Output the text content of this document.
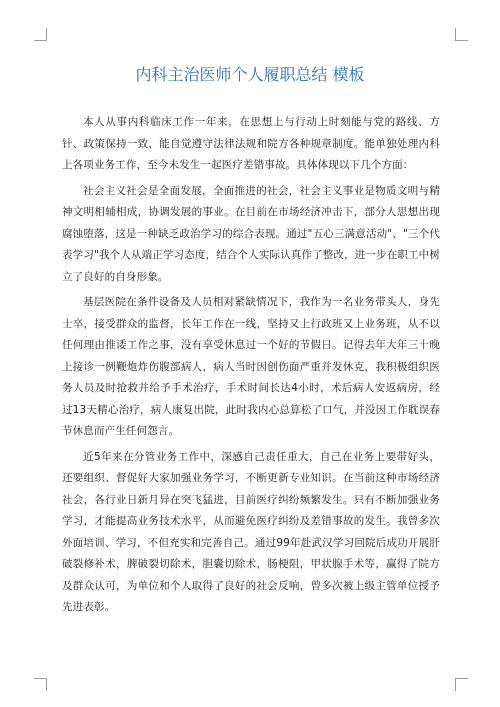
内科主治医师个人履职总结 模板

本人从事内科临床工作一年来，在思想上与行动上时刻能与党的路线、方针、政策保持一致，能自觉遵守法律法规和院方各种规章制度。能单独处理内科上各项业务工作，至今未发生一起医疗差错事故。具体体现以下几个方面：

社会主义社会是全面发展，全面推进的社会，社会主义事业是物质文明与精神文明相辅相成，协调发展的事业。在目前在市场经济冲击下，部分人思想出现腐蚀堕落，这是一种缺乏政治学习的综合表现。通过"五心三满意活动"、"三个代表学习"我个人从端正学习态度，结合个人实际认真作了整改，进一步在职工中树立了良好的自身形象。

基层医院在条件设备及人员相对紧缺情况下，我作为一名业务带头人，身先士卒，接受群众的监督，长年工作在一线，坚持又上行政班又上业务班，从不以任何理由推诿工作之事，没有享受休息过一个好的节假日。记得去年大年三十晚上接诊一例鞭炮炸伤腹部病人，病人当时因创伤面严重并发休克，我积极组织医务人员及时抢救并给予手术治疗，手术时间长达4小时，术后病人安返病房，经过13天精心治疗，病人康复出院，此时我内心总算松了口气，并没因工作耽误春节休息而产生任何怨言。

近5年来在分管业务工作中，深感自己责任重大，自己在业务上要带好头，还要组织、督促好大家加强业务学习，不断更新专业知识。在当前这种市场经济社会，各行业日新月异在突飞猛进，目前医疗纠纷频繁发生。只有不断加强业务学习，才能提高业务技术水平，从而避免医疗纠纷及差错事故的发生。我曾多次外面培训、学习，不但充实和完善自己。通过99年赴武汉学习回院后成功开展肝破裂修补术，脾破裂切除术，胆囊切除术，肠梗阻，甲状腺手术等，赢得了院方及群众认可，为单位和个人取得了良好的社会反响，曾多次被上级主管单位授予先进表彰。
